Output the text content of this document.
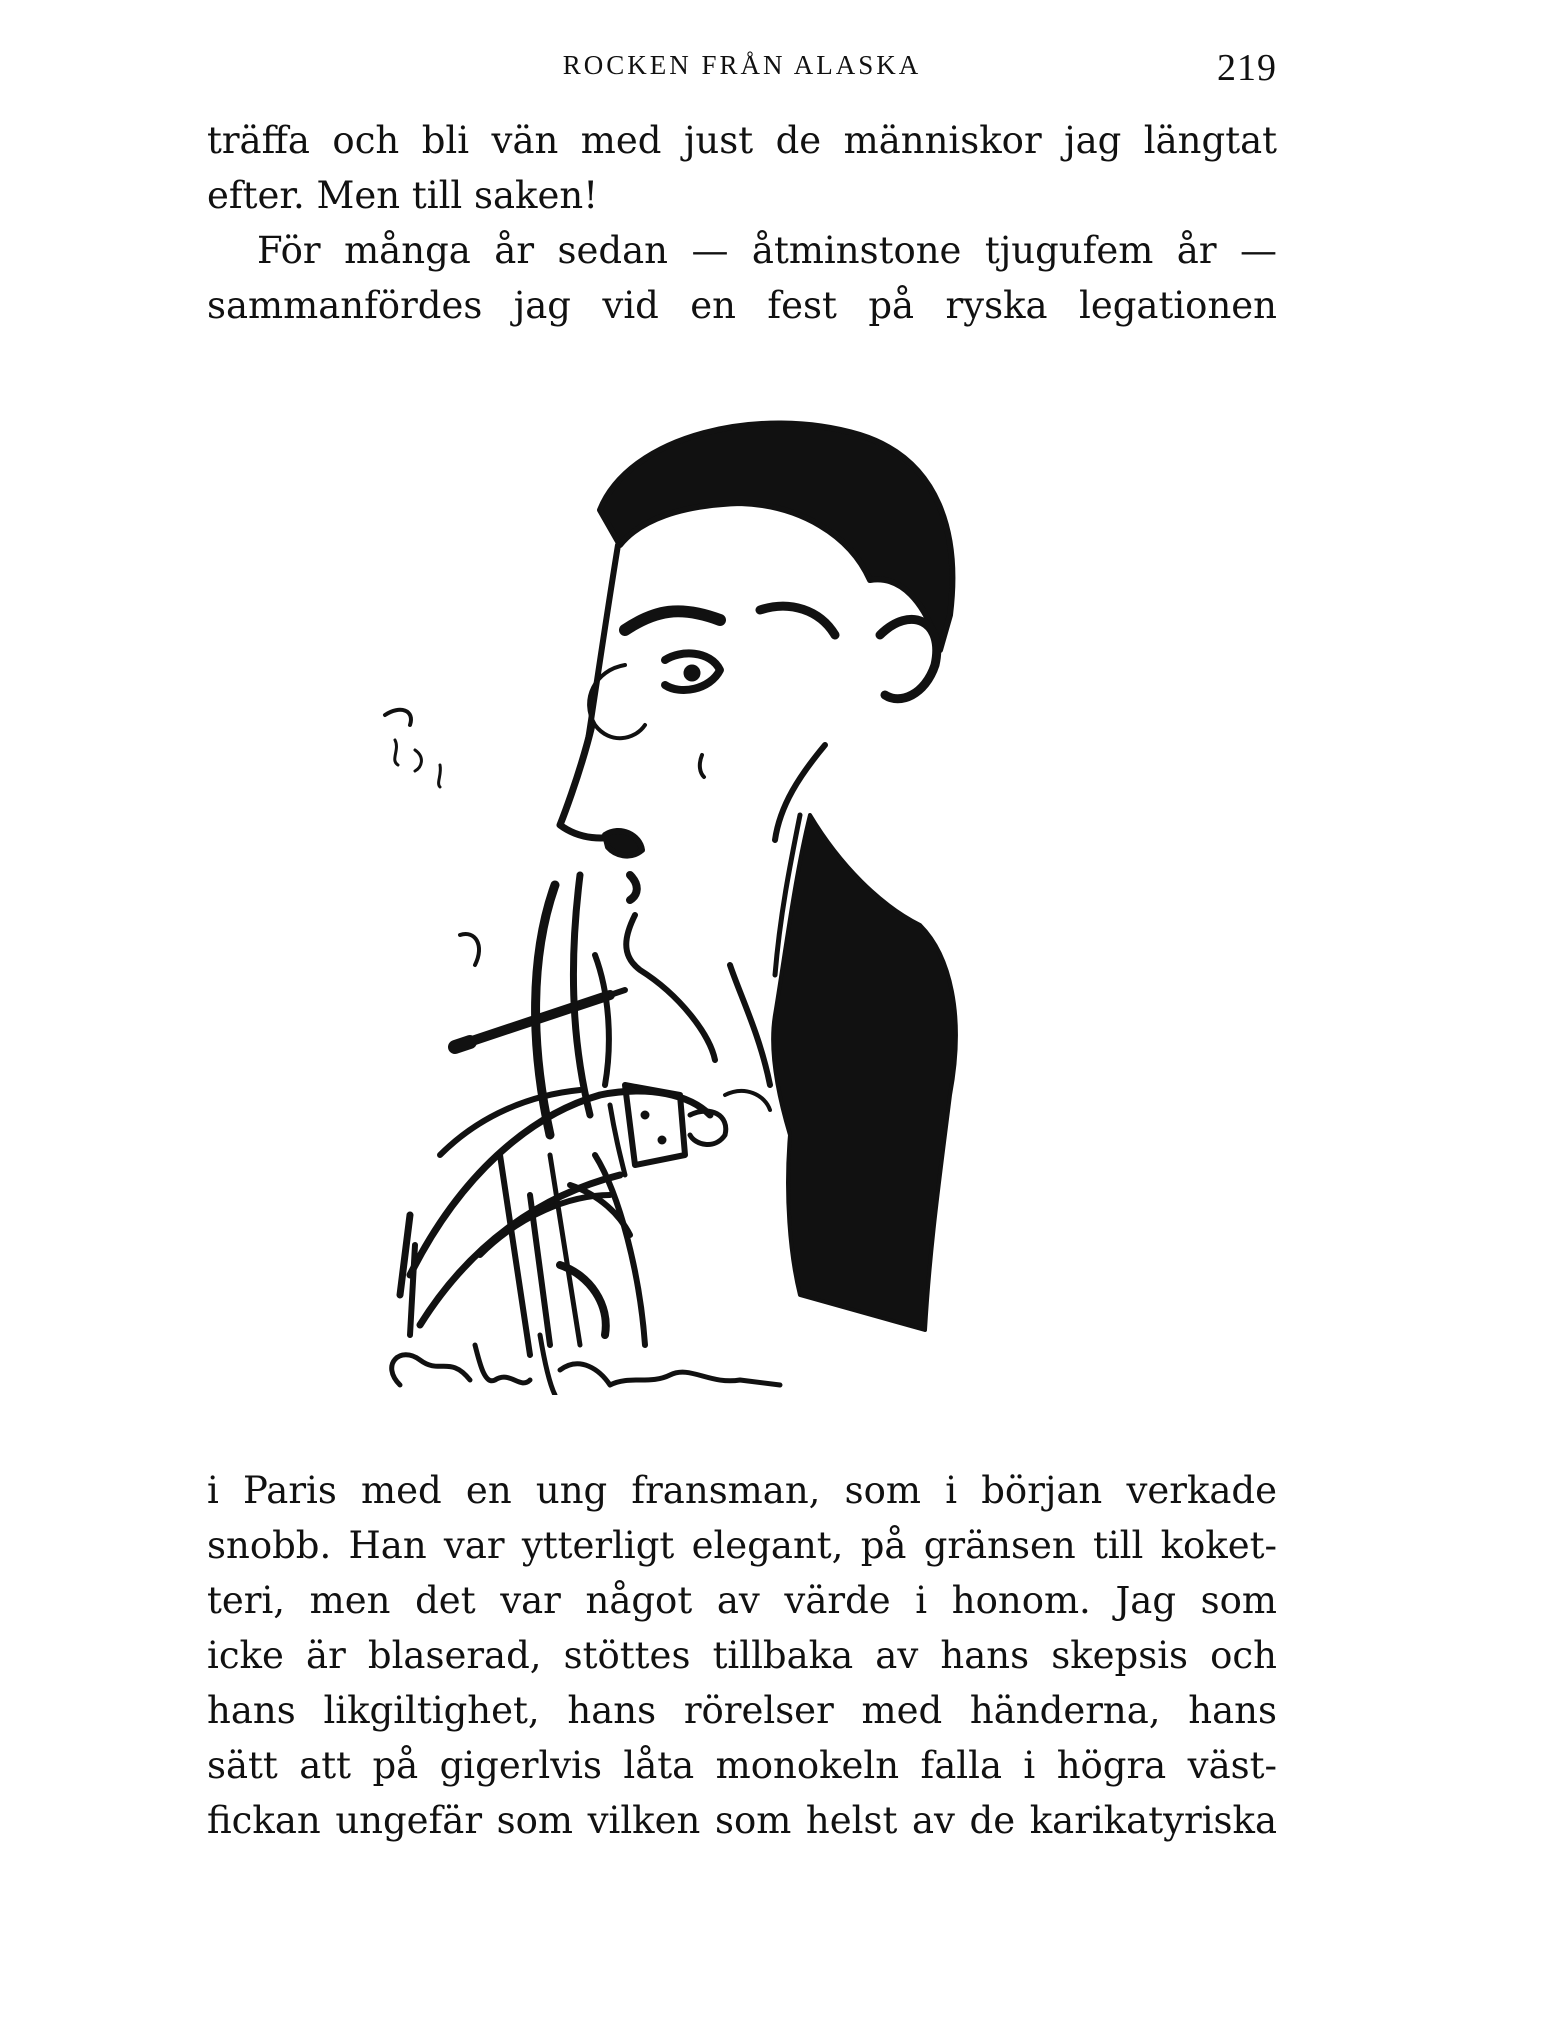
ROCKEN FRÅN ALASKA	219
träffa och bli vän med just de människor jag längtat
efter. Men till saken!
För många år sedan — åtminstone tjugufem år —
sammanfördes jag vid en fest på ryska legationen
i Paris med en ung fransman, som i början verkade
snobb. Han var ytterligt elegant, på gränsen till koket-
teri, men det var något av värde i honom. Jag som
icke är blaserad, stöttes tillbaka av hans skepsis och
hans likgiltighet, hans rörelser med händerna, hans
sätt att på gigerlvis låta monokeln falla i högra väst-
fickan ungefär som vilken som helst av de karikatyriska
